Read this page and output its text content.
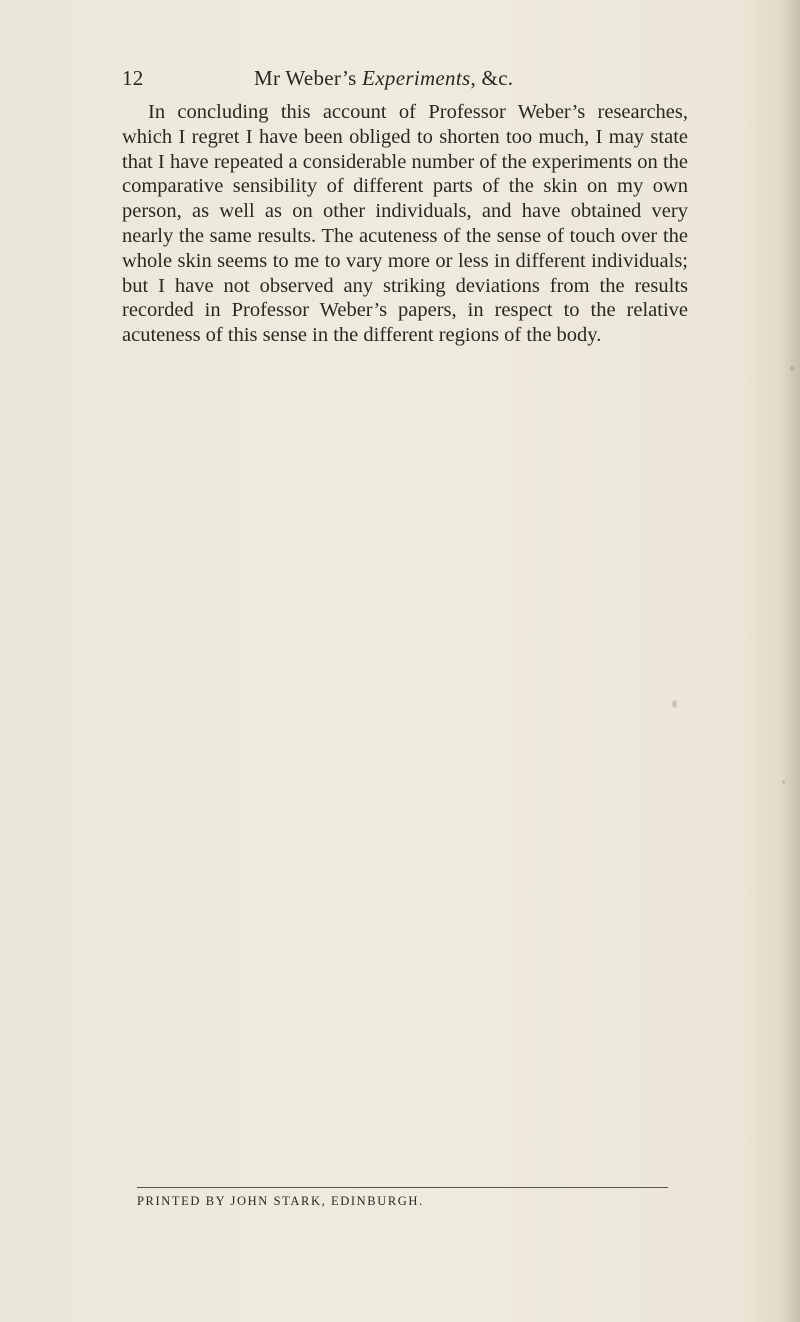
12	Mr Weber’s Experiments, &c.

In concluding this account of Professor Weber’s researches, which I regret I have been obliged to shorten too much, I may state that I have repeated a considerable number of the experiments on the comparative sensibility of different parts of the skin on my own person, as well as on other individuals, and have obtained very nearly the same results. The acuteness of the sense of touch over the whole skin seems to me to vary more or less in different individuals; but I have not observed any striking deviations from the results recorded in Professor Weber’s papers, in respect to the relative acuteness of this sense in the different regions of the body.

PRINTED BY JOHN STARK, EDINBURGH.
